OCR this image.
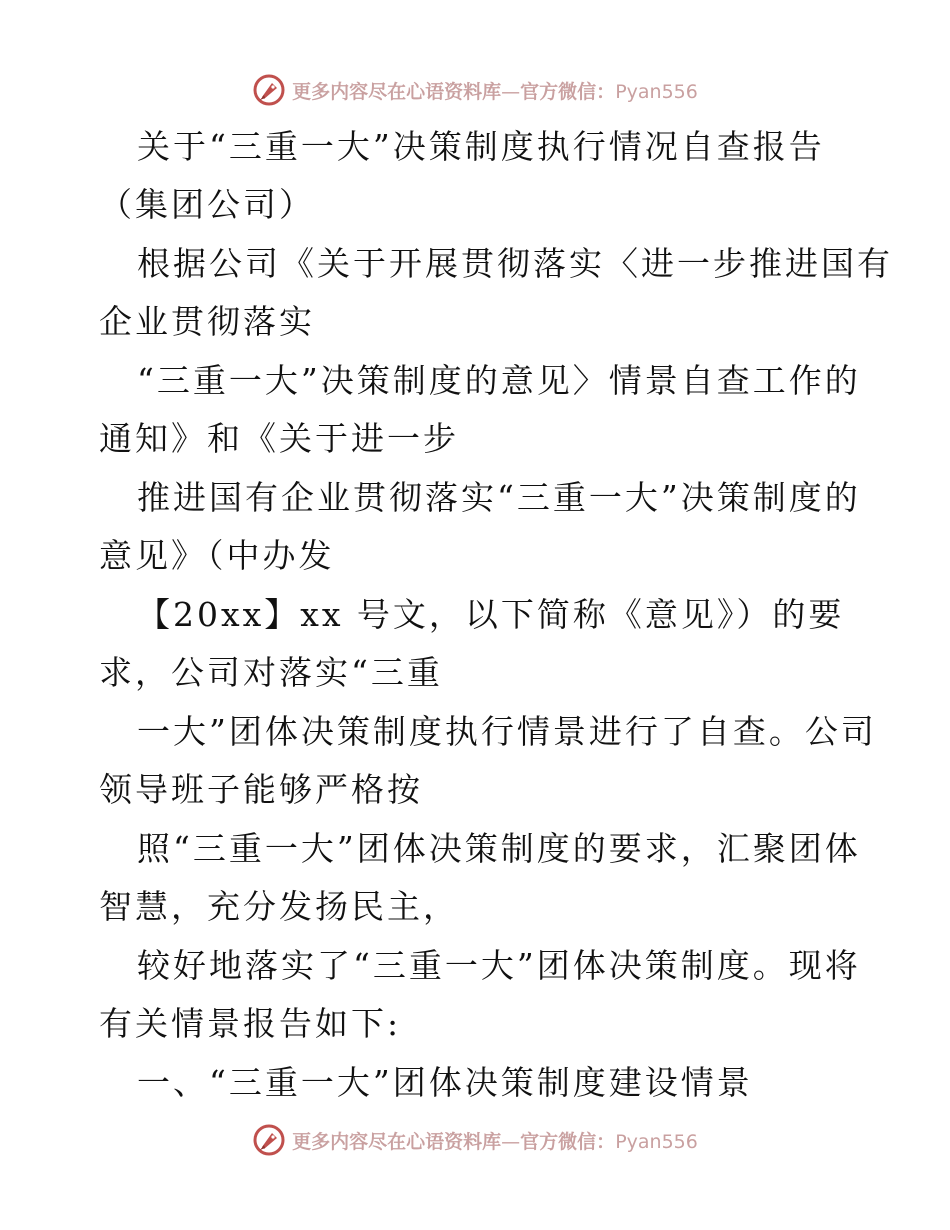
更多内容尽在心语资料库—官方微信：Pyan556
关于“三重一大”决策制度执行情况自查报告
（集团公司）
根据公司《关于开展贯彻落实〈进一步推进国有
企业贯彻落实
“三重一大”决策制度的意见〉情景自查工作的
通知》和《关于进一步
推进国有企业贯彻落实“三重一大”决策制度的
意见》（中办发
【20xx】xx 号文，以下简称《意见》）的要
求，公司对落实“三重
一大”团体决策制度执行情景进行了自查。公司
领导班子能够严格按
照“三重一大”团体决策制度的要求，汇聚团体
智慧，充分发扬民主，
较好地落实了“三重一大”团体决策制度。现将
有关情景报告如下:
一、“三重一大”团体决策制度建设情景
更多内容尽在心语资料库—官方微信：Pyan556
